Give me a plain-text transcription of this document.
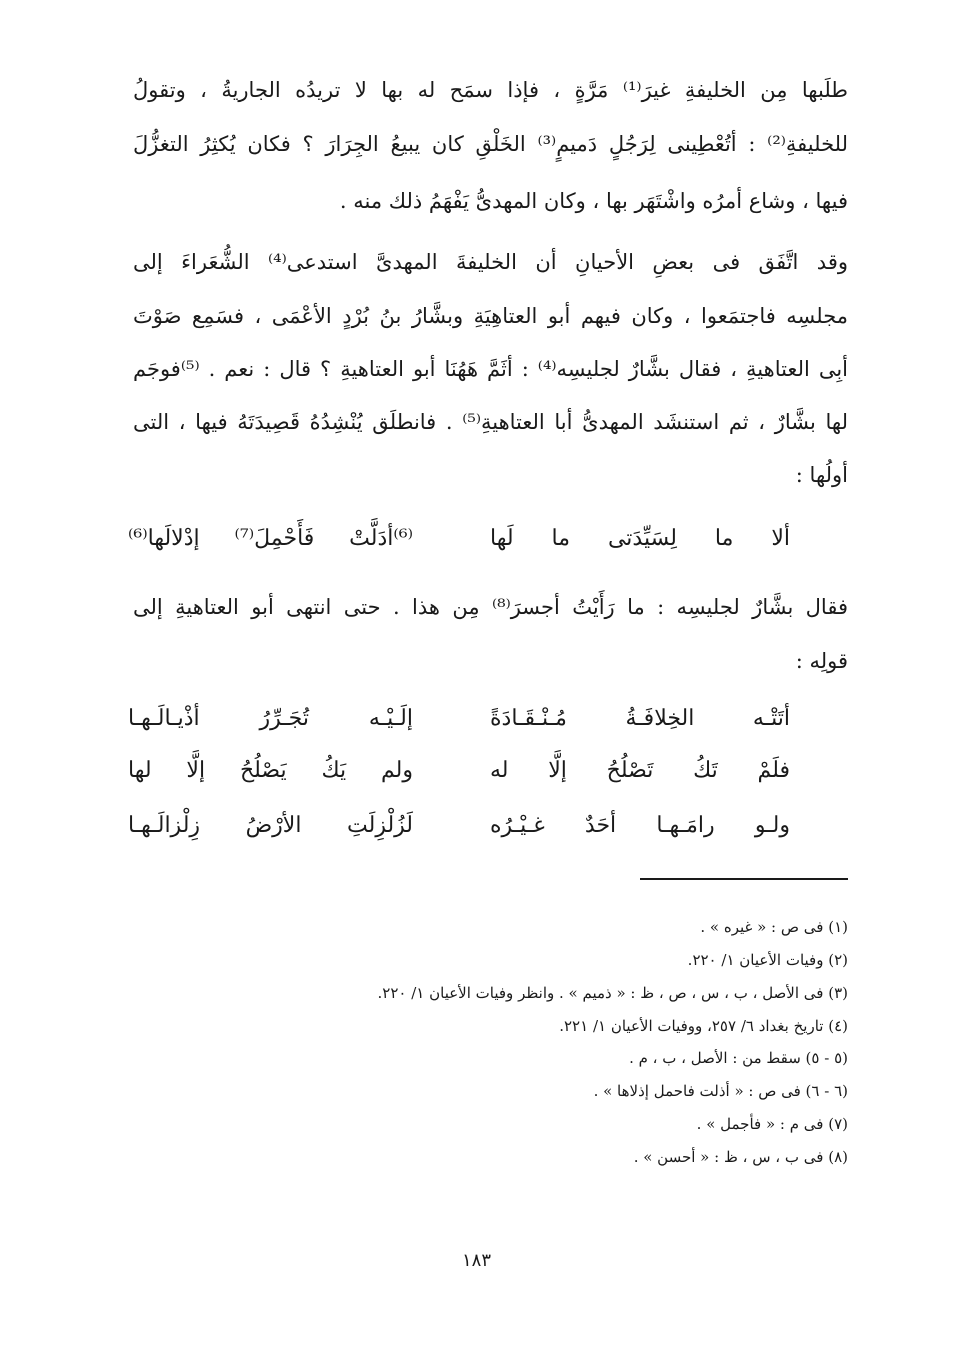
طلَبها مِن الخليفةِ غيرَ⁽¹⁾ مَرَّةٍ ، فإذا سمَح له بها لا تريدُه الجاريةُ ، وتقولُ
للخليفةِ⁽²⁾ : أتُعْطِينى لِرَجُلٍ دَميمٍ⁽³⁾ الخَلْقِ كان يبيعُ الجِرَارَ ؟ فكان يُكثِرُ التغزُّلَ
فيها ، وشاع أمرُه واشْتَهَر بها ، وكان المهدىُّ يَفْهَمُ ذلك منه .
وقد اتَّفَق فى بعضِ الأحيانِ أن الخليفةَ المهدىَّ استدعى⁽⁴⁾ الشُّعَراءَ إلى
مجلسِه فاجتمَعوا ، وكان فيهم أبو العتاهِيَةِ وبشَّارُ بنُ بُرْدٍ الأعْمَى ، فسَمِع صَوْتَ
أبِى العتاهيةِ ، فقال بشَّارٌ لجليسِه⁽⁴⁾ : أثَمَّ هَهُنَا أبو العتاهيةِ ؟ قال : نعم . ⁽⁵⁾فوجَم
لها بشَّارٌ ، ثم استنشَد المهدىُّ أبا العتاهيةِ⁽⁵⁾ . فانطلَق يُنْشِدُهُ قَصِيدَتَهُ فيها ، التى
أولُها :
⁽⁶⁾أدَلَّتْ فَأَحْمِلَ⁽⁷⁾ إدْلالَها⁽⁶⁾	ألا ما لِسَيِّدَتى ما لَها
فقال بشَّارٌ لجليسِه : ما رَأَيْتُ أجسرَ⁽⁸⁾ مِن هذا . حتى انتهى أبو العتاهيةِ إلى
قولِه :
إلَـيْـه تُجَـرِّرُ أذْيـالَـهـا	أتَتْـه الخِلافَـةُ مُـنْـقَـادَةً
ولم يَكُ يَصْلُحُ إلَّا لها	فلَمْ تَكُ تَصْلُحُ إلَّا له
لَزُلْزِلَتِ الأرْضُ زِلْزالَـهـا	ولـو رامَـهـا أحَدٌ غـيْـرُه
(١) فى ص : « غيره » .
(٢) وفيات الأعيان ١/ ٢٢٠.
(٣) فى الأصل ، ب ، س ، ص ، ظ : « ذميم » . وانظر وفيات الأعيان ١/ ٢٢٠.
(٤) تاريخ بغداد ٦/ ٢٥٧، ووفيات الأعيان ١/ ٢٢١.
(٥ - ٥) سقط من : الأصل ، ب ، م .
(٦ - ٦) فى ص : « أذلت فاحمل إذلاها » .
(٧) فى م : « فأجمل » .
(٨) فى ب ، س ، ظ : « أحسن » .
١٨٣
